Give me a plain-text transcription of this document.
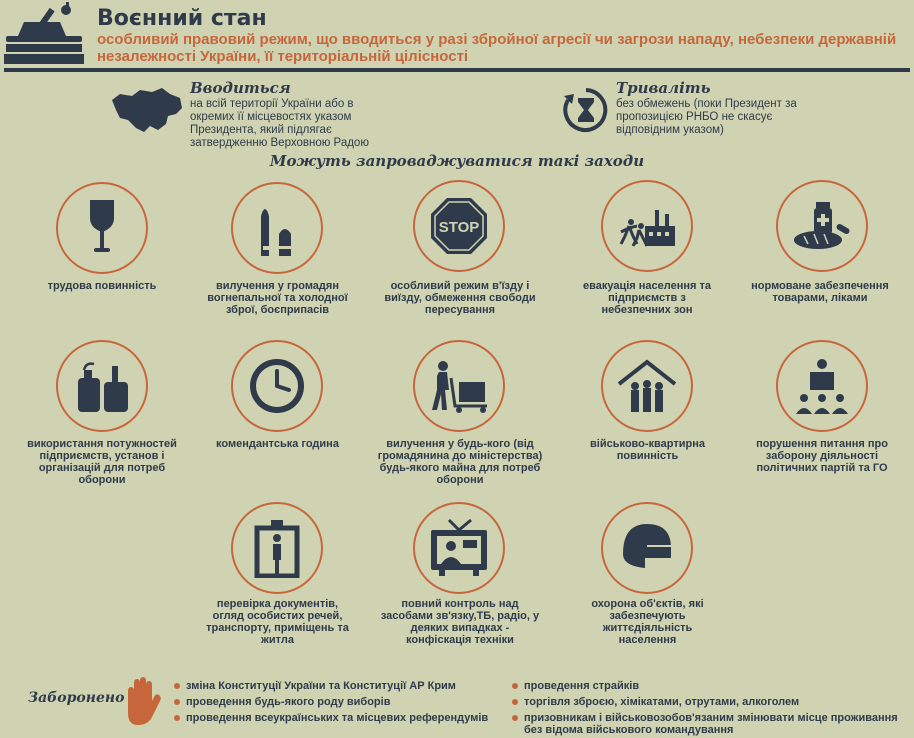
Воєнний стан
особливий правовий режим, що вводиться у разі збройної агресії чи загрози нападу, небезпеки державній незалежності України, її територіальній цілісності
Вводиться
на всій території України або в окремих її місцевостях указом Президента, який підлягає затвердженню Верховною Радою
Триваліть
без обмежень (поки Президент за пропозицією РНБО не скасує відповідним указом)
Можуть запроваджуватися такі заходи
трудова повинність	вилучення у громадян вогнепальної та холодної зброї, боєприпасів
STOP
особливий режим в'їзду і виїзду, обмеження свободи пересування
евакуація населення та підприємств з небезпечних зон
нормоване забезпечення товарами, ліками
використання потужностей підприємств, установ і організацій для потреб оборони
комендантська година	вилучення у будь-кого (від громадянина до міністерства) будь-якого майна для потреб оборони
військово-квартирна повинність
порушення питання про заборону діяльності політичних партій та ГО
перевірка документів, огляд особистих речей, транспорту, приміщень та житла
повний контроль над засобами зв'язку,ТБ, радіо, у деяких випадках - конфіскація техніки
охорона об'єктів, які забезпечують життєдіяльність населення
Заборонено
зміна Конституції України та Конституції АР Крим
проведення будь-якого роду виборів
проведення всеукраїнських та місцевих референдумів
проведення страйків
торгівля зброєю, хімікатами, отрутами, алкоголем
призовникам і військовозобов'язаним змінювати місце проживання без відома військового командування
